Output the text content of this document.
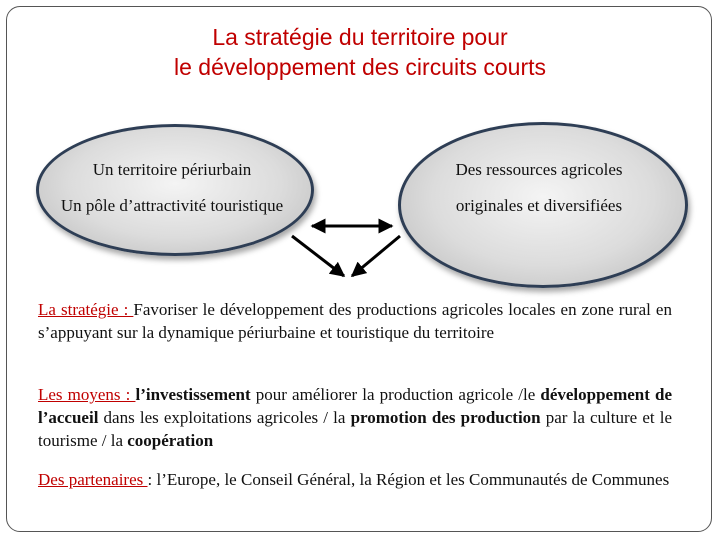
La stratégie du territoire pour
le développement des circuits courts
Un territoire périurbain
Un pôle d’attractivité touristique
Des ressources agricoles
originales et diversifiées
La stratégie : Favoriser le développement des productions agricoles locales en zone rural en s’appuyant sur la dynamique périurbaine et touristique du territoire
Les moyens : l’investissement pour améliorer la production agricole /le développement de l’accueil dans les exploitations agricoles / la promotion des production par la culture et le tourisme / la coopération
Des partenaires : l’Europe, le Conseil Général, la Région et les Communautés de Communes
